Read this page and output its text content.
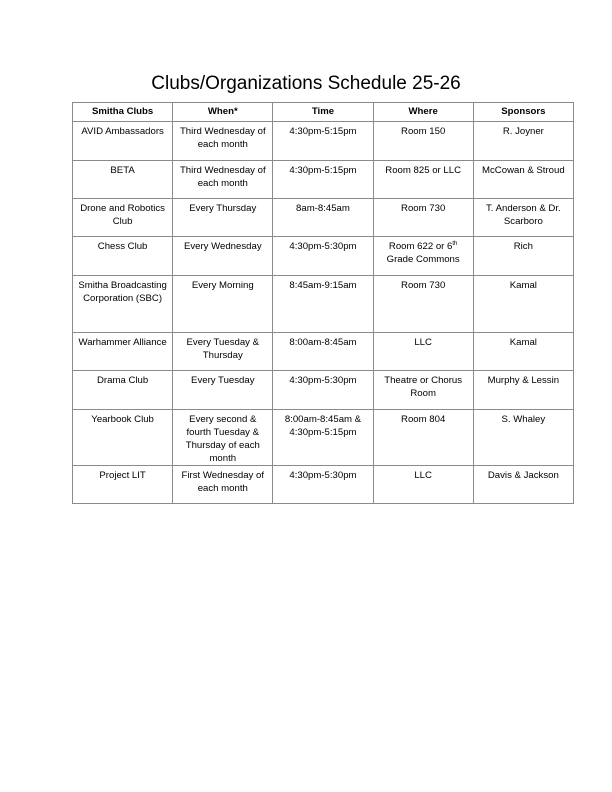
Clubs/Organizations Schedule 25-26
Smitha Clubs	When*	Time	Where	Sponsors
AVID Ambassadors	Third Wednesday of each month	4:30pm-5:15pm	Room 150	R. Joyner
BETA	Third Wednesday of each month	4:30pm-5:15pm	Room 825 or LLC	McCowan & Stroud
Drone and Robotics Club	Every Thursday	8am-8:45am	Room 730	T. Anderson & Dr. Scarboro
Chess Club	Every Wednesday	4:30pm-5:30pm	Room 622 or 6th Grade Commons	Rich
Smitha Broadcasting Corporation (SBC)	Every Morning	8:45am-9:15am	Room 730	Kamal
Warhammer Alliance	Every Tuesday & Thursday	8:00am-8:45am	LLC	Kamal
Drama Club	Every Tuesday	4:30pm-5:30pm	Theatre or Chorus Room	Murphy & Lessin
Yearbook Club	Every second & fourth Tuesday & Thursday of each month	8:00am-8:45am & 4:30pm-5:15pm	Room 804	S. Whaley
Project LIT	First Wednesday of each month	4:30pm-5:30pm	LLC	Davis & Jackson
